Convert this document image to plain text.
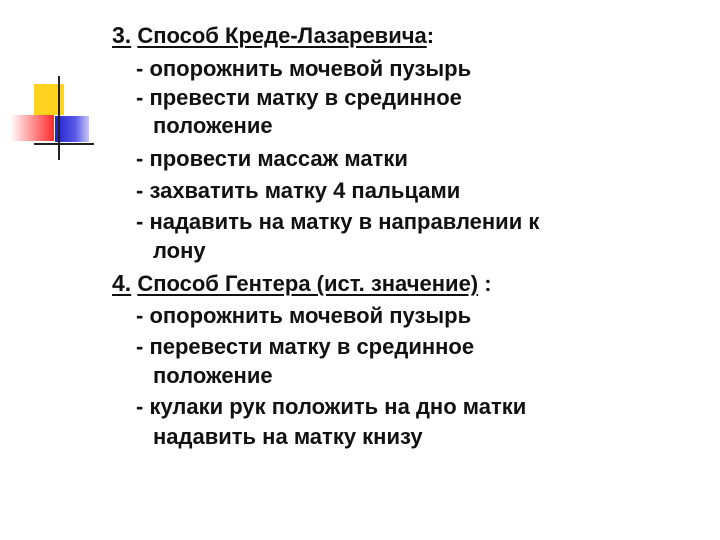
3. Способ Креде-Лазаревича:
- опорожнить мочевой пузырь
- превести матку в срединное
положение
- провести массаж матки
- захватить матку 4 пальцами
- надавить на матку в направлении к
лону
4. Способ Гентера (ист. значение) :
- опорожнить мочевой пузырь
- перевести матку в срединное
положение
- кулаки рук положить на дно матки
надавить на матку книзу
